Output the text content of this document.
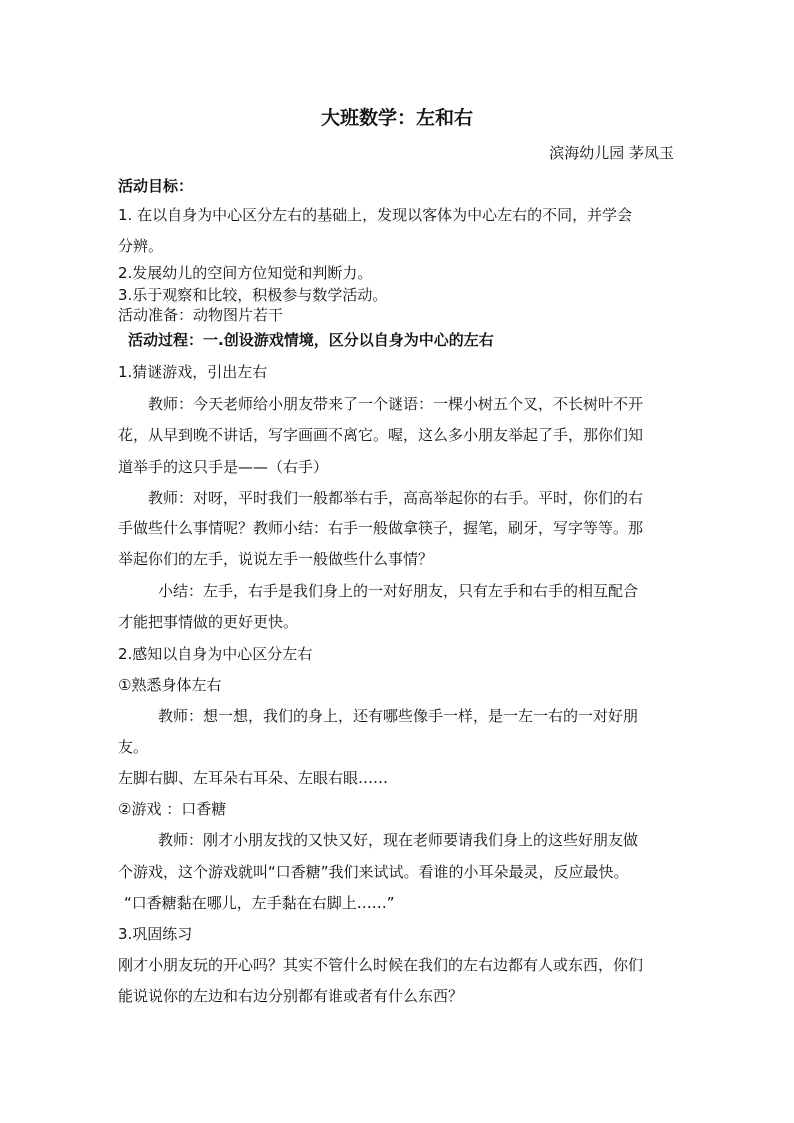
大班数学：左和右
滨海幼儿园 茅凤玉
活动目标：
1. 在以自身为中心区分左右的基础上，发现以客体为中心左右的不同，并学会
分辨。
2.发展幼儿的空间方位知觉和判断力。
3.乐于观察和比较，积极参与数学活动。
活动准备：动物图片若干
活动过程：一.创设游戏情境，区分以自身为中心的左右
1.猜谜游戏，引出左右
教师：今天老师给小朋友带来了一个谜语：一棵小树五个叉，不长树叶不开
花，从早到晚不讲话，写字画画不离它。喔，这么多小朋友举起了手，那你们知
道举手的这只手是——（右手）
教师：对呀，平时我们一般都举右手，高高举起你的右手。平时，你们的右
手做些什么事情呢？教师小结：右手一般做拿筷子，握笔，刷牙，写字等等。那
举起你们的左手，说说左手一般做些什么事情？
小结：左手，右手是我们身上的一对好朋友，只有左手和右手的相互配合
才能把事情做的更好更快。
2.感知以自身为中心区分左右
①熟悉身体左右
教师：想一想，我们的身上，还有哪些像手一样，是一左一右的一对好朋
友。
左脚右脚、左耳朵右耳朵、左眼右眼……
②游戏 ：口香糖
教师：刚才小朋友找的又快又好，现在老师要请我们身上的这些好朋友做
个游戏，这个游戏就叫“口香糖”我们来试试。看谁的小耳朵最灵，反应最快。
“口香糖黏在哪儿，左手黏在右脚上……”
3.巩固练习
刚才小朋友玩的开心吗？其实不管什么时候在我们的左右边都有人或东西，你们
能说说你的左边和右边分别都有谁或者有什么东西？
